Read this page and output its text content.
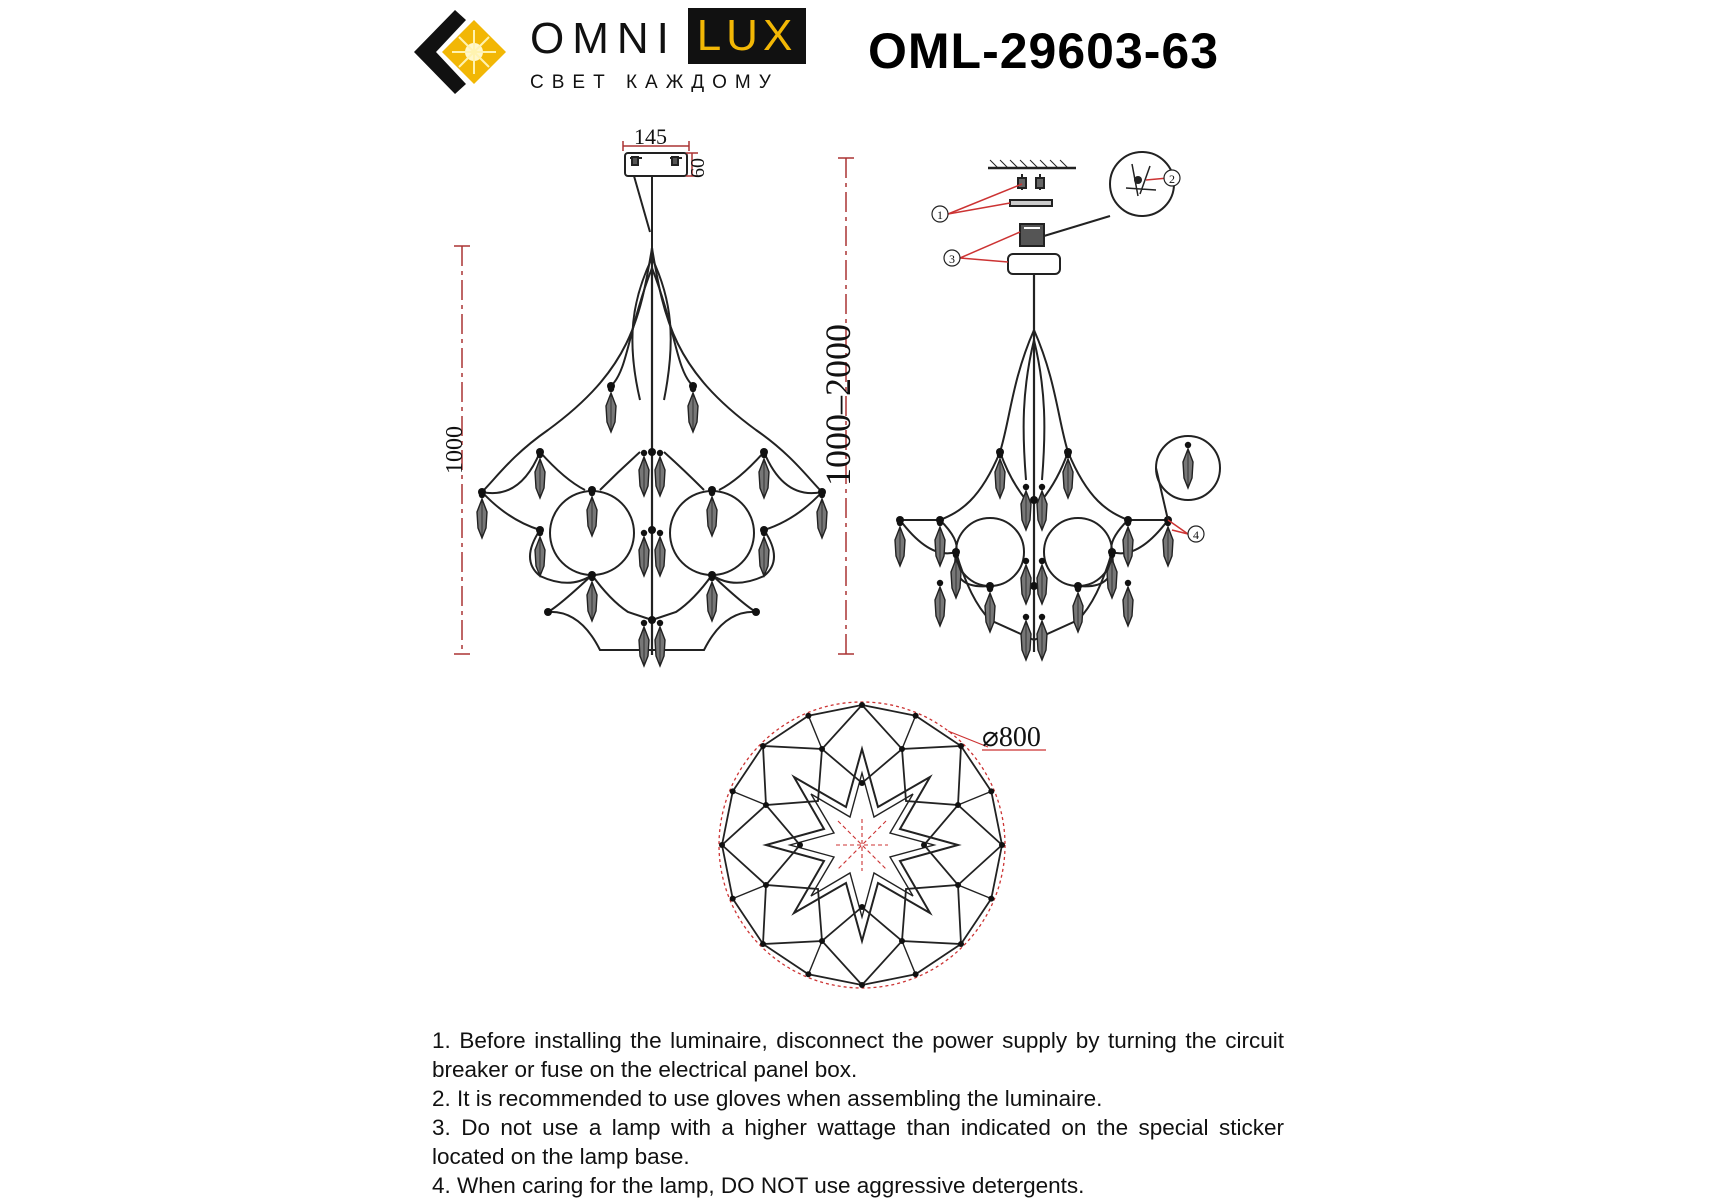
OMNI LUX
СВЕТ КАЖДОМУ
OML-29603-63
145
60
1000	1000–2000
1
2
3
4
⌀800

1. Before installing the luminaire, disconnect the power supply by turning the circuit breaker or fuse on the electrical panel box.

2. It is recommended to use gloves when assembling the luminaire.

3. Do not use a lamp with a higher wattage than indicated on the special sticker located on the lamp base.

4. When caring for the lamp, DO NOT use aggressive detergents.
